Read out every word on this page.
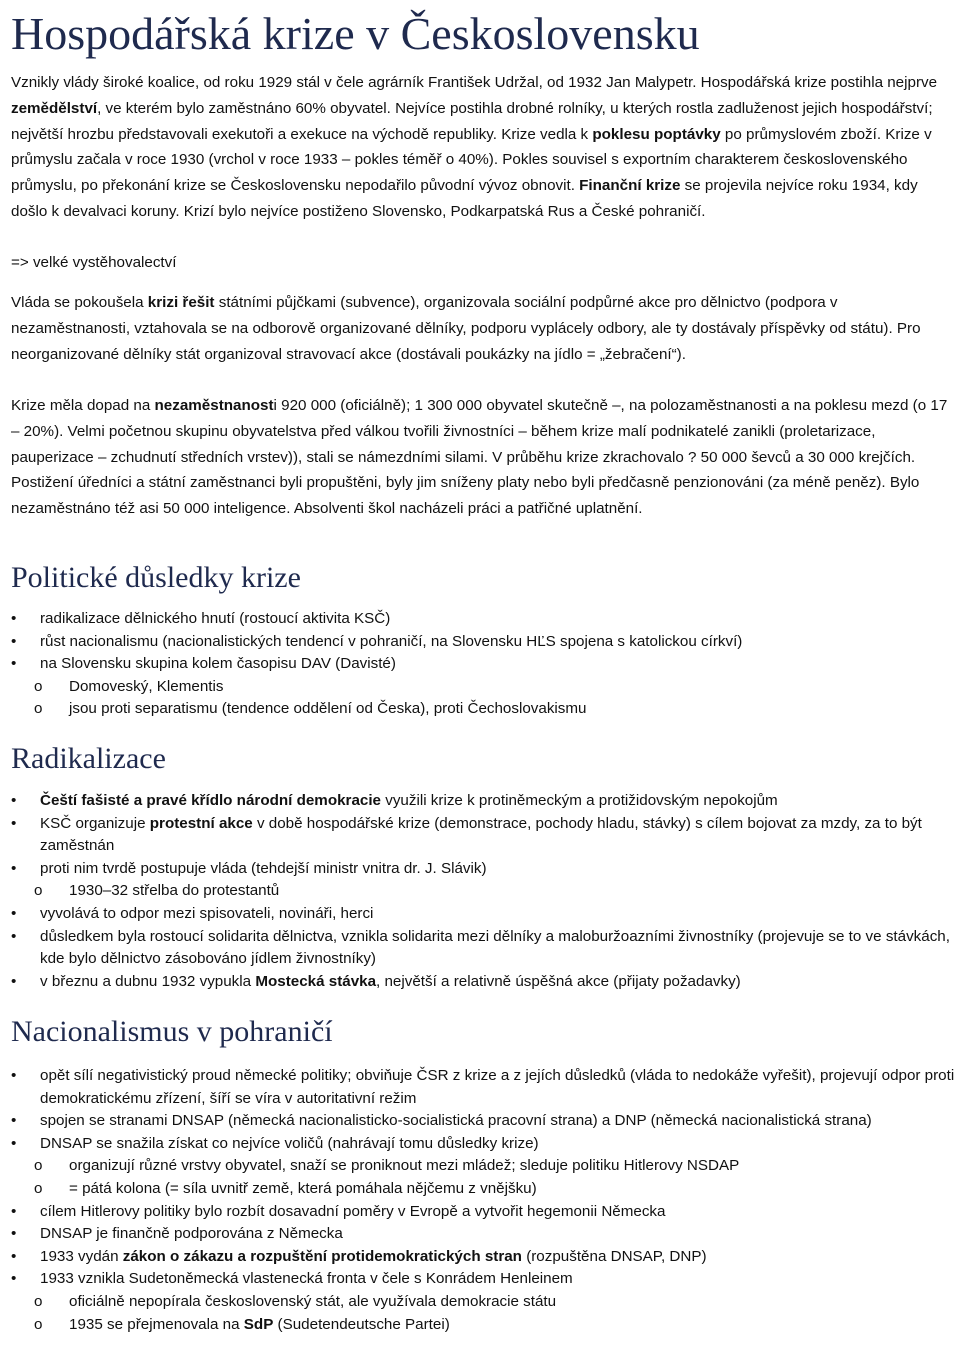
Hospodářská krize v Československu

Vznikly vlády široké koalice, od roku 1929 stál v čele agrárník František Udržal, od 1932 Jan Malypetr. Hospodářská krize postihla nejprve zemědělství, ve kterém bylo zaměstnáno 60% obyvatel. Nejvíce postihla drobné rolníky, u kterých rostla zadluženost jejich hospodářství; největší hrozbu představovali exekutoři a exekuce na východě republiky. Krize vedla k poklesu poptávky po průmyslovém zboží. Krize v průmyslu začala v roce 1930 (vrchol v roce 1933 – pokles téměř o 40%). Pokles souvisel s exportním charakterem československého průmyslu, po překonání krize se Československu nepodařilo původní vývoz obnovit. Finanční krize se projevila nejvíce roku 1934, kdy došlo k devalvaci koruny. Krizí bylo nejvíce postiženo Slovensko, Podkarpatská Rus a České pohraničí.

=> velké vystěhovalectví

Vláda se pokoušela krizi řešit státními půjčkami (subvence), organizovala sociální podpůrné akce pro dělnictvo (podpora v nezaměstnanosti, vztahovala se na odborově organizované dělníky, podporu vyplácely odbory, ale ty dostávaly příspěvky od státu). Pro neorganizované dělníky stát organizoval stravovací akce (dostávali poukázky na jídlo = „žebračení“).

Krize měla dopad na nezaměstnanosti 920 000 (oficiálně); 1 300 000 obyvatel skutečně –, na polozaměstnanosti a na poklesu mezd (o 17 – 20%). Velmi početnou skupinu obyvatelstva před válkou tvořili živnostníci – během krize malí podnikatelé zanikli (proletarizace, pauperizace – zchudnutí středních vrstev)), stali se námezdními silami. V průběhu krize zkrachovalo ? 50 000 ševců a 30 000 krejčích. Postižení úředníci a státní zaměstnanci byli propuštěni, byly jim sníženy platy nebo byli předčasně penzionováni (za méně peněz). Bylo nezaměstnáno též asi 50 000 inteligence. Absolventi škol nacházeli práci a patřičné uplatnění.

Politické důsledky krize
•	radikalizace dělnického hnutí (rostoucí aktivita KSČ)
•	růst nacionalismu (nacionalistických tendencí v pohraničí, na Slovensku HĽS spojena s katolickou církví)
•	na Slovensku skupina kolem časopisu DAV (Davisté)
o	Domoveský, Klementis
o	jsou proti separatismu (tendence oddělení od Česka), proti Čechoslovakismu
Radikalizace
•	Čeští fašisté a pravé křídlo národní demokracie využili krize k protiněmeckým a protižidovským nepokojům
•	KSČ organizuje protestní akce v době hospodářské krize (demonstrace, pochody hladu, stávky) s cílem bojovat za mzdy, za to být zaměstnán
•	proti nim tvrdě postupuje vláda (tehdejší ministr vnitra dr. J. Slávik)
o	1930–32 střelba do protestantů
•	vyvolává to odpor mezi spisovateli, novináři, herci
•	důsledkem byla rostoucí solidarita dělnictva, vznikla solidarita mezi dělníky a maloburžoazními živnostníky (projevuje se to ve stávkách, kde bylo dělnictvo zásobováno jídlem živnostníky)
•	v březnu a dubnu 1932 vypukla Mostecká stávka, největší a relativně úspěšná akce (přijaty požadavky)
Nacionalismus v pohraničí
•	opět sílí negativistický proud německé politiky; obviňuje ČSR z krize a z jejích důsledků (vláda to nedokáže vyřešit), projevují odpor proti demokratickému zřízení, šíří se víra v autoritativní režim
•	spojen se stranami DNSAP (německá nacionalisticko-socialistická pracovní strana) a DNP (německá nacionalistická strana)
•	DNSAP se snažila získat co nejvíce voličů (nahrávají tomu důsledky krize)
o	organizují různé vrstvy obyvatel, snaží se proniknout mezi mládež; sleduje politiku Hitlerovy NSDAP
o	= pátá kolona (= síla uvnitř země, která pomáhala nějčemu z vnějšku)
•	cílem Hitlerovy politiky bylo rozbít dosavadní poměry v Evropě a vytvořit hegemonii Německa
•	DNSAP je finančně podporována z Německa
•	1933 vydán zákon o zákazu a rozpuštění protidemokratických stran (rozpuštěna DNSAP, DNP)
•	1933 vznikla Sudetoněmecká vlastenecká fronta v čele s Konrádem Henleinem
o	oficiálně nepopírala československý stát, ale využívala demokracie státu
o	1935 se přejmenovala na SdP (Sudetendeutsche Partei)
